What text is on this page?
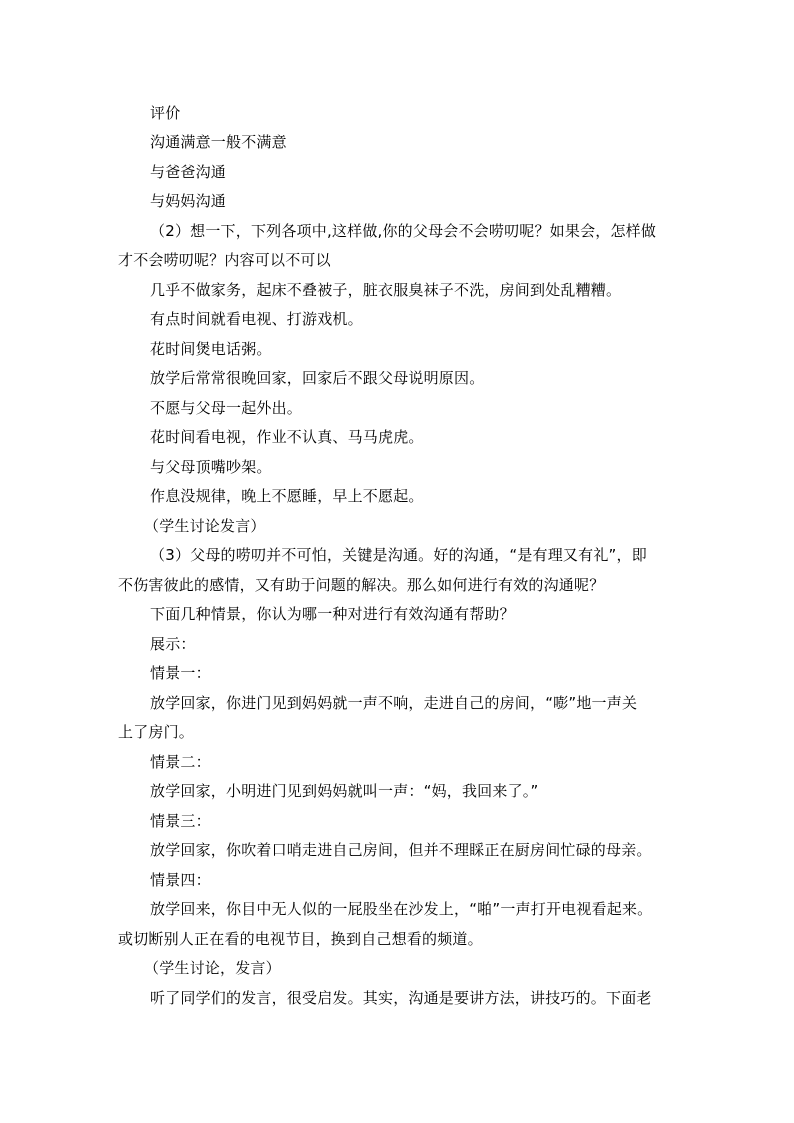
评价
沟通满意一般不满意
与爸爸沟通
与妈妈沟通
（2）想一下，下列各项中,这样做,你的父母会不会唠叨呢？如果会，怎样做
才不会唠叨呢？内容可以不可以
几乎不做家务，起床不叠被子，脏衣服臭袜子不洗，房间到处乱糟糟。
有点时间就看电视、打游戏机。
花时间煲电话粥。
放学后常常很晚回家，回家后不跟父母说明原因。
不愿与父母一起外出。
花时间看电视，作业不认真、马马虎虎。
与父母顶嘴吵架。
作息没规律，晚上不愿睡，早上不愿起。
（学生讨论发言）
（3）父母的唠叨并不可怕，关键是沟通。好的沟通，“是有理又有礼”，即
不伤害彼此的感情，又有助于问题的解决。那么如何进行有效的沟通呢？
下面几种情景，你认为哪一种对进行有效沟通有帮助？
展示：
情景一：
放学回家，你进门见到妈妈就一声不响，走进自己的房间，“嘭”地一声关
上了房门。
情景二：
放学回家，小明进门见到妈妈就叫一声：“妈，我回来了。”
情景三：
放学回家，你吹着口哨走进自己房间，但并不理睬正在厨房间忙碌的母亲。
情景四：
放学回来，你目中无人似的一屁股坐在沙发上，“啪”一声打开电视看起来。
或切断别人正在看的电视节目，换到自己想看的频道。
（学生讨论，发言）
听了同学们的发言，很受启发。其实，沟通是要讲方法，讲技巧的。下面老
